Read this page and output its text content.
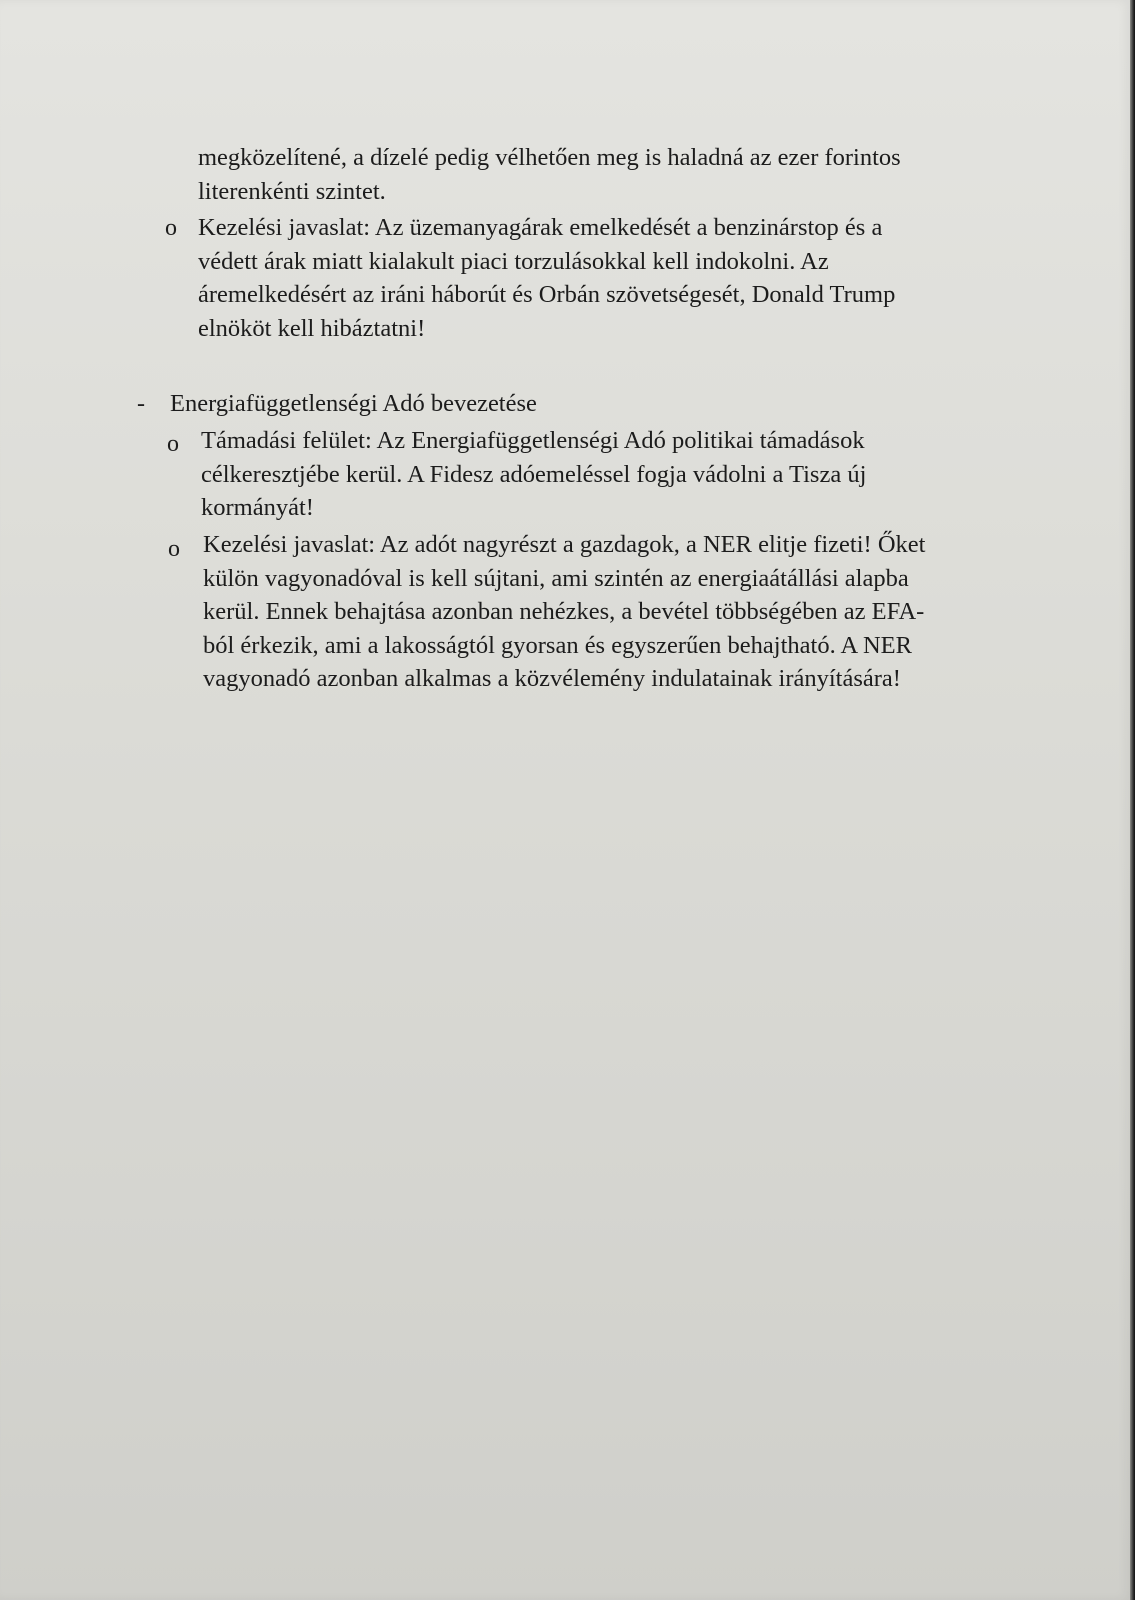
megközelítené, a dízelé pedig vélhetően meg is haladná az ezer forintos
literenkénti szintet.
o Kezelési javaslat: Az üzemanyagárak emelkedését a benzinárstop és a
védett árak miatt kialakult piaci torzulásokkal kell indokolni. Az
áremelkedésért az iráni háborút és Orbán szövetségesét, Donald Trump
elnököt kell hibáztatni!
- Energiafüggetlenségi Adó bevezetése
o Támadási felület: Az Energiafüggetlenségi Adó politikai támadások
célkeresztjébe kerül. A Fidesz adóemeléssel fogja vádolni a Tisza új
kormányát!
o Kezelési javaslat: Az adót nagyrészt a gazdagok, a NER elitje fizeti! Őket
külön vagyonadóval is kell sújtani, ami szintén az energiaátállási alapba
kerül. Ennek behajtása azonban nehézkes, a bevétel többségében az EFA-
ból érkezik, ami a lakosságtól gyorsan és egyszerűen behajtható. A NER
vagyonadó azonban alkalmas a közvélemény indulatainak irányítására!
